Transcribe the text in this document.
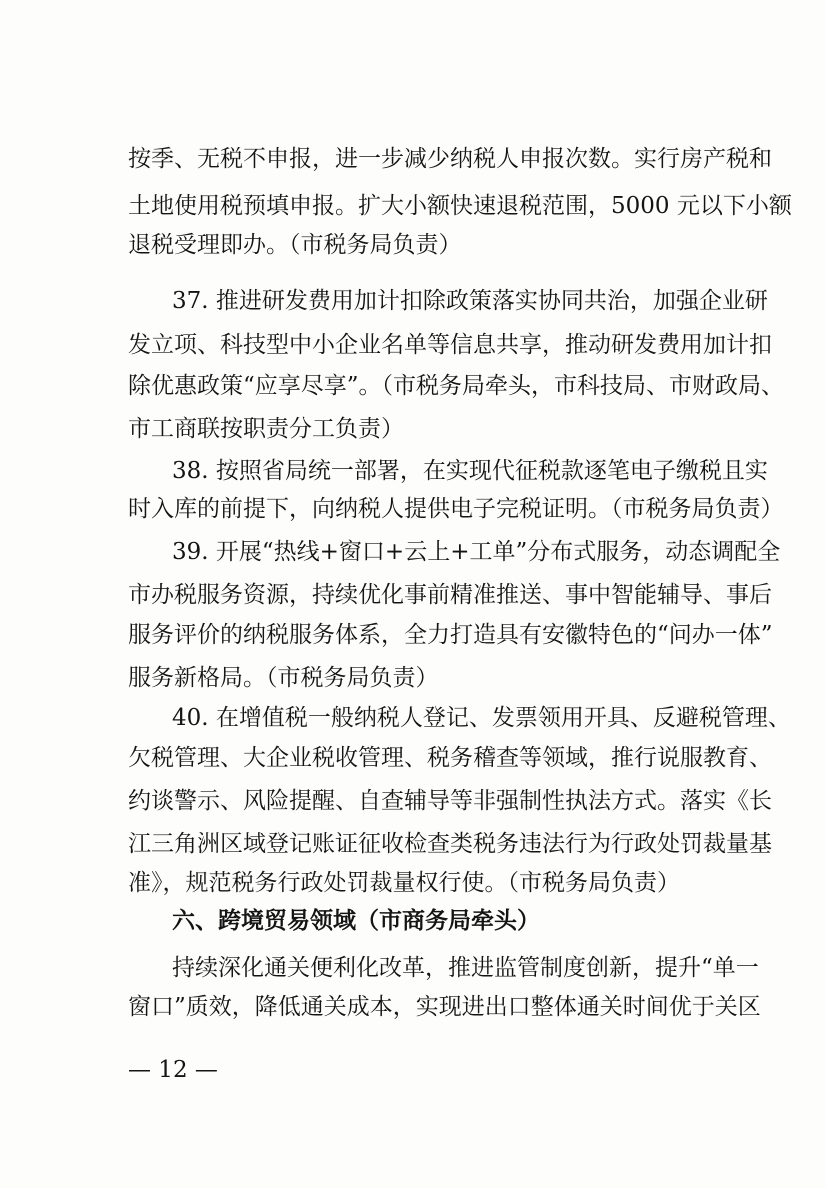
按季、无税不申报，进一步减少纳税人申报次数。实行房产税和
土地使用税预填申报。扩大小额快速退税范围，5000 元以下小额
退税受理即办。（市税务局负责）
37. 推进研发费用加计扣除政策落实协同共治，加强企业研
发立项、科技型中小企业名单等信息共享，推动研发费用加计扣
除优惠政策“应享尽享”。（市税务局牵头，市科技局、市财政局、
市工商联按职责分工负责）
38. 按照省局统一部署，在实现代征税款逐笔电子缴税且实
时入库的前提下，向纳税人提供电子完税证明。（市税务局负责）
39. 开展“热线+窗口+云上+工单”分布式服务，动态调配全
市办税服务资源，持续优化事前精准推送、事中智能辅导、事后
服务评价的纳税服务体系，全力打造具有安徽特色的“问办一体”
服务新格局。（市税务局负责）
40. 在增值税一般纳税人登记、发票领用开具、反避税管理、
欠税管理、大企业税收管理、税务稽查等领域，推行说服教育、
约谈警示、风险提醒、自查辅导等非强制性执法方式。落实《长
江三角洲区域登记账证征收检查类税务违法行为行政处罚裁量基
准》，规范税务行政处罚裁量权行使。（市税务局负责）
六、跨境贸易领域（市商务局牵头）
持续深化通关便利化改革，推进监管制度创新，提升“单一
窗口”质效，降低通关成本，实现进出口整体通关时间优于关区
— 12 —
